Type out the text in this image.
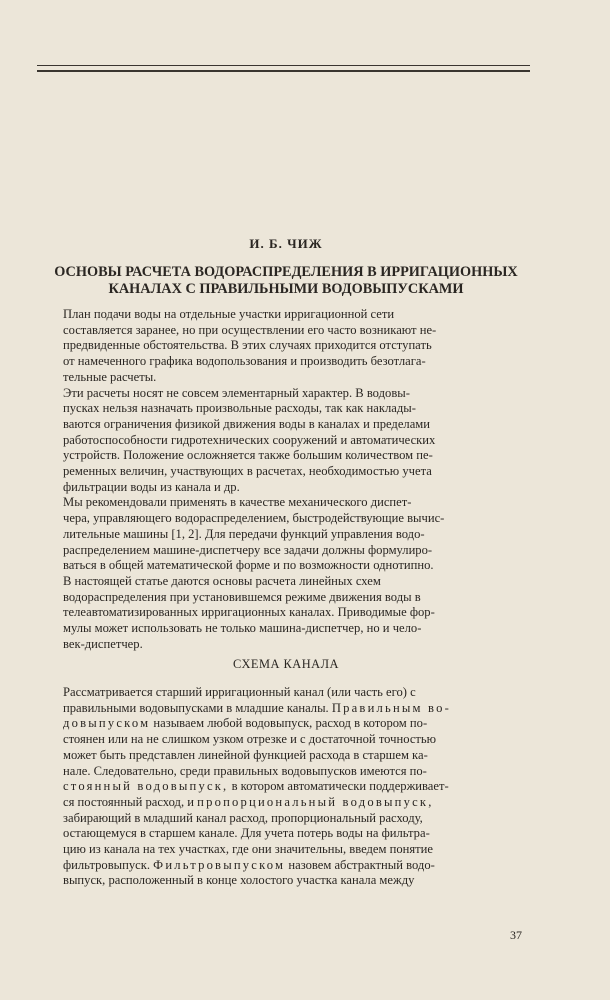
И. Б. ЧИЖ
ОСНОВЫ РАСЧЕТА ВОДОРАСПРЕДЕЛЕНИЯ В ИРРИГАЦИОННЫХ
КАНАЛАХ С ПРАВИЛЬНЫМИ ВОДОВЫПУСКАМИ

План подачи воды на отдельные участки ирригационной сети
составляется заранее, но при осуществлении его часто возникают не-
предвиденные обстоятельства. В этих случаях приходится отступать
от намеченного графика водопользования и производить безотлага-
тельные расчеты.

Эти расчеты носят не совсем элементарный характер. В водовы-
пусках нельзя назначать произвольные расходы, так как наклады-
ваются ограничения физикой движения воды в каналах и пределами
работоспособности гидротехнических сооружений и автоматических
устройств. Положение осложняется также большим количеством пе-
ременных величин, участвующих в расчетах, необходимостью учета
фильтрации воды из канала и др.

Мы рекомендовали применять в качестве механического диспет-
чера, управляющего водораспределением, быстродействующие вычис-
лительные машины [1, 2]. Для передачи функций управления водо-
распределением машине-диспетчеру все задачи должны формулиро-
ваться в общей математической форме и по возможности однотипно.

В настоящей статье даются основы расчета линейных схем
водораспределения при установившемся режиме движения воды в
телеавтоматизированных ирригационных каналах. Приводимые фор-
мулы может использовать не только машина-диспетчер, но и чело-
век-диспетчер.

СХЕМА КАНАЛА

Рассматривается старший ирригационный канал (или часть его) с
правильными водовыпусками в младшие каналы. Правильным во-
довыпуском называем любой водовыпуск, расход в котором по-
стоянен или на не слишком узком отрезке и с достаточной точностью
может быть представлен линейной функцией расхода в старшем ка-
нале. Следовательно, среди правильных водовыпусков имеются по-
стоянный водовыпуск, в котором автоматически поддерживает-
ся постоянный расход, и пропорциональный водовыпуск,
забирающий в младший канал расход, пропорциональный расходу,
остающемуся в старшем канале. Для учета потерь воды на фильтра-
цию из канала на тех участках, где они значительны, введем понятие
фильтровыпуск. Фильтровыпуском назовем абстрактный водо-
выпуск, расположенный в конце холостого участка канала между

37
